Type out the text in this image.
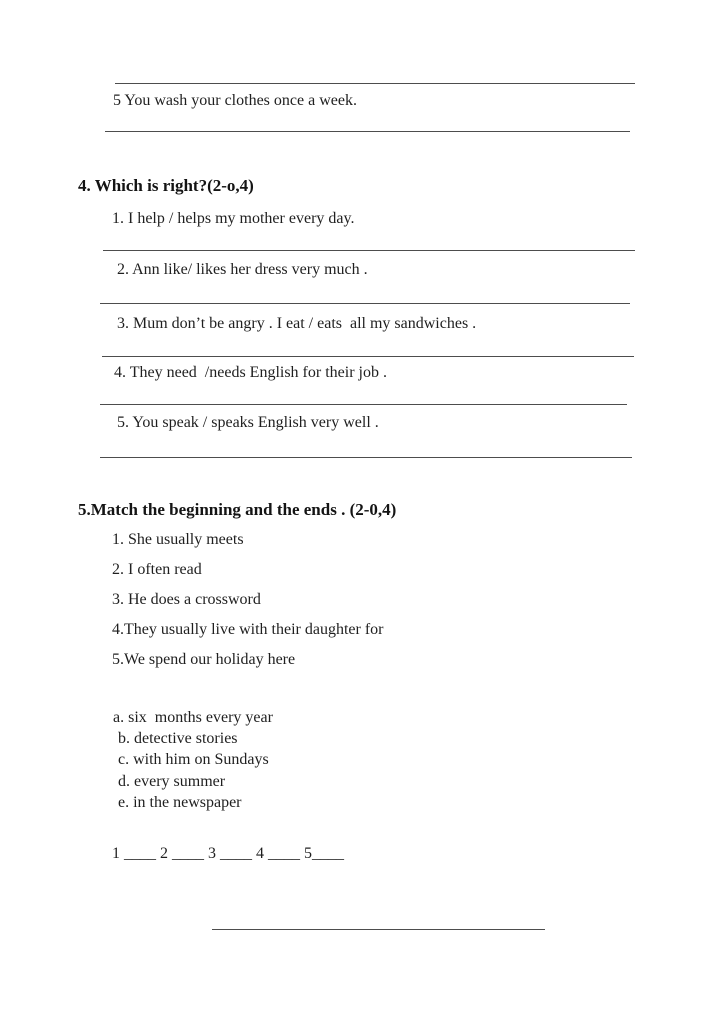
5 You wash your clothes once a week.
4. Which is right?(2-o,4)
1. I help / helps my mother every day.
2. Ann like/ likes her dress very much .
3. Mum don’t be angry . I eat / eats  all my sandwiches .
4. They need  /needs English for their job .
5. You speak / speaks English very well .
5.Match the beginning and the ends . (2-0,4)
1. She usually meets
2. I often read
3. He does a crossword
4.They usually live with their daughter for
5.We spend our holiday here
a. six  months every year
b. detective stories
c. with him on Sundays
d. every summer
e. in the newspaper
1 ____ 2 ____ 3 ____ 4 ____ 5____
